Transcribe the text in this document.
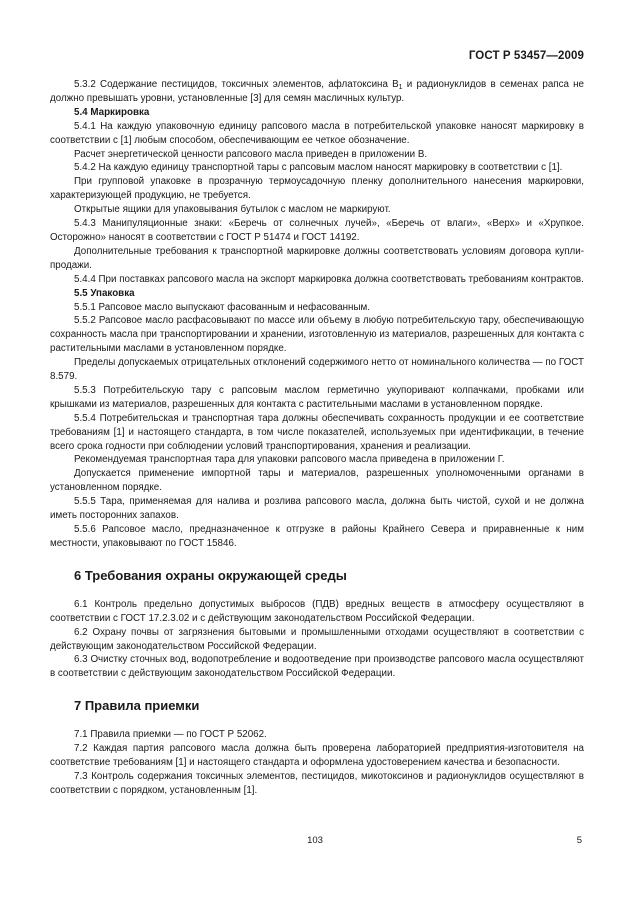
ГОСТ Р 53457—2009

5.3.2 Содержание пестицидов, токсичных элементов, афлатоксина $B_1$ и радионуклидов в семенах рапса не должно превышать уровни, установленные [3] для семян масличных культур.

5.4 Маркировка

5.4.1 На каждую упаковочную единицу рапсового масла в потребительской упаковке наносят маркировку в соответствии с [1] любым способом, обеспечивающим ее четкое обозначение.

Расчет энергетической ценности рапсового масла приведен в приложении В.

5.4.2 На каждую единицу транспортной тары с рапсовым маслом наносят маркировку в соответствии с [1].

При групповой упаковке в прозрачную термоусадочную пленку дополнительного нанесения маркировки, характеризующей продукцию, не требуется.

Открытые ящики для упаковывания бутылок с маслом не маркируют.

5.4.3 Манипуляционные знаки: «Беречь от солнечных лучей», «Беречь от влаги», «Верх» и «Хрупкое. Осторожно» наносят в соответствии с ГОСТ Р 51474 и ГОСТ 14192.

Дополнительные требования к транспортной маркировке должны соответствовать условиям договора купли-продажи.

5.4.4 При поставках рапсового масла на экспорт маркировка должна соответствовать требованиям контрактов.

5.5 Упаковка

5.5.1 Рапсовое масло выпускают фасованным и нефасованным.

5.5.2 Рапсовое масло расфасовывают по массе или объему в любую потребительскую тару, обеспечивающую сохранность масла при транспортировании и хранении, изготовленную из материалов, разрешенных для контакта с растительными маслами в установленном порядке.

Пределы допускаемых отрицательных отклонений содержимого нетто от номинального количества — по ГОСТ 8.579.

5.5.3 Потребительскую тару с рапсовым маслом герметично укупоривают колпачками, пробками или крышками из материалов, разрешенных для контакта с растительными маслами в установленном порядке.

5.5.4 Потребительская и транспортная тара должны обеспечивать сохранность продукции и ее соответствие требованиям [1] и настоящего стандарта, в том числе показателей, используемых при идентификации, в течение всего срока годности при соблюдении условий транспортирования, хранения и реализации.

Рекомендуемая транспортная тара для упаковки рапсового масла приведена в приложении Г.

Допускается применение импортной тары и материалов, разрешенных уполномоченными органами в установленном порядке.

5.5.5 Тара, применяемая для налива и розлива рапсового масла, должна быть чистой, сухой и не должна иметь посторонних запахов.

5.5.6 Рапсовое масло, предназначенное к отгрузке в районы Крайнего Севера и приравненные к ним местности, упаковывают по ГОСТ 15846.

6 Требования охраны окружающей среды

6.1 Контроль предельно допустимых выбросов (ПДВ) вредных веществ в атмосферу осуществляют в соответствии с ГОСТ 17.2.3.02 и с действующим законодательством Российской Федерации.

6.2 Охрану почвы от загрязнения бытовыми и промышленными отходами осуществляют в соответствии с действующим законодательством Российской Федерации.

6.3 Очистку сточных вод, водопотребление и водоотведение при производстве рапсового масла осуществляют в соответствии с действующим законодательством Российской Федерации.

7 Правила приемки

7.1 Правила приемки — по ГОСТ Р 52062.

7.2 Каждая партия рапсового масла должна быть проверена лабораторией предприятия-изготовителя на соответствие требованиям [1] и настоящего стандарта и оформлена удостоверением качества и безопасности.

7.3 Контроль содержания токсичных элементов, пестицидов, микотоксинов и радионуклидов осуществляют в соответствии с порядком, установленным [1].

103	5
